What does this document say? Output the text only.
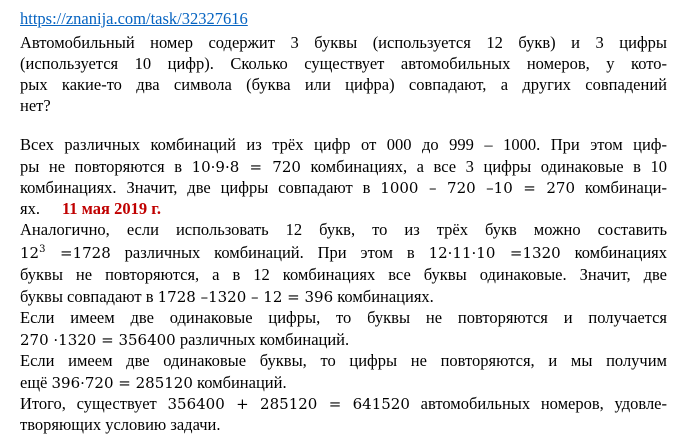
https://znanija.com/task/32327616
Автомобильный номер содержит 3 буквы (используется 12 букв) и 3 цифры
(используется 10 цифр). Сколько существует автомобильных номеров, у кото-
рых какие-то два символа (буква или цифра) совпадают, а других совпадений
нет?
Всех различных комбинаций из трёх цифр от 000 до 999 – 1000. При этом циф-
ры не повторяются в 10·9·8 = 720 комбинациях, а все 3 цифры одинаковые в 10
комбинациях. Значит, две цифры совпадают в 1000 – 720 –10 = 270 комбинаци-
ях. 11 мая 2019 г.
Аналогично, если использовать 12 букв, то из трёх букв можно составить
$12^3 =1728$ различных комбинаций. При этом в 12·11·10 =1320 комбинациях
буквы не повторяются, а в 12 комбинациях все буквы одинаковые. Значит, две
буквы совпадают в 1728 –1320 – 12 = 396 комбинациях.
Если имеем две одинаковые цифры, то буквы не повторяются и получается
270 ·1320 = 356400 различных комбинаций.
Если имеем две одинаковые буквы, то цифры не повторяются, и мы получим
ещё 396·720 = 285120 комбинаций.
Итого, существует 356400 + 285120 = 641520 автомобильных номеров, удовле-
творяющих условию задачи.
